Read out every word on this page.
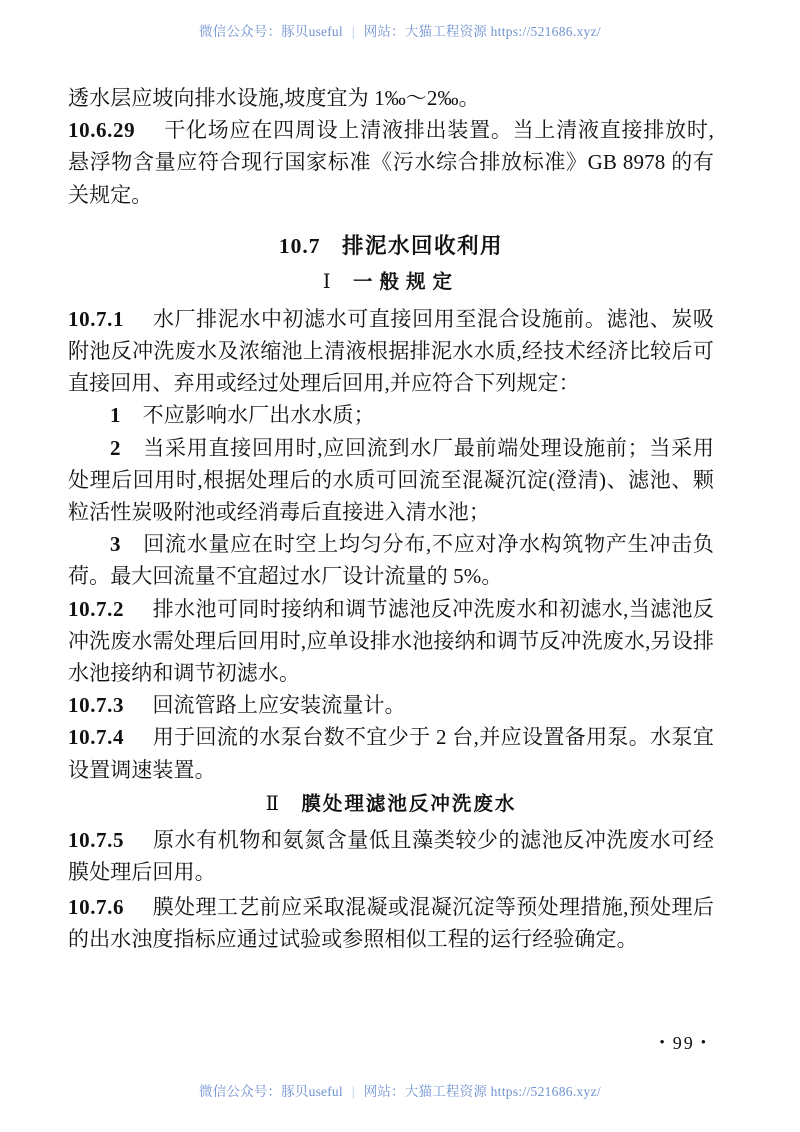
微信公众号：豚贝useful | 网站：大猫工程资源 https://521686.xyz/

透水层应坡向排水设施,坡度宜为 1‰～2‰。

10.6.29 干化场应在四周设上清液排出装置。当上清液直接排放时,悬浮物含量应符合现行国家标准《污水综合排放标准》GB 8978 的有关规定。

10.7 排泥水回收利用

Ⅰ 一般规定

10.7.1 水厂排泥水中初滤水可直接回用至混合设施前。滤池、炭吸附池反冲洗废水及浓缩池上清液根据排泥水水质,经技术经济比较后可直接回用、弃用或经过处理后回用,并应符合下列规定：

1 不应影响水厂出水水质；

2 当采用直接回用时,应回流到水厂最前端处理设施前；当采用处理后回用时,根据处理后的水质可回流至混凝沉淀(澄清)、滤池、颗粒活性炭吸附池或经消毒后直接进入清水池；

3 回流水量应在时空上均匀分布,不应对净水构筑物产生冲击负荷。最大回流量不宜超过水厂设计流量的 5%。

10.7.2 排水池可同时接纳和调节滤池反冲洗废水和初滤水,当滤池反冲洗废水需处理后回用时,应单设排水池接纳和调节反冲洗废水,另设排水池接纳和调节初滤水。

10.7.3 回流管路上应安装流量计。

10.7.4 用于回流的水泵台数不宜少于 2 台,并应设置备用泵。水泵宜设置调速装置。

Ⅱ 膜处理滤池反冲洗废水

10.7.5 原水有机物和氨氮含量低且藻类较少的滤池反冲洗废水可经膜处理后回用。

10.7.6 膜处理工艺前应采取混凝或混凝沉淀等预处理措施,预处理后的出水浊度指标应通过试验或参照相似工程的运行经验确定。

• 99 •
微信公众号：豚贝useful | 网站：大猫工程资源 https://521686.xyz/
